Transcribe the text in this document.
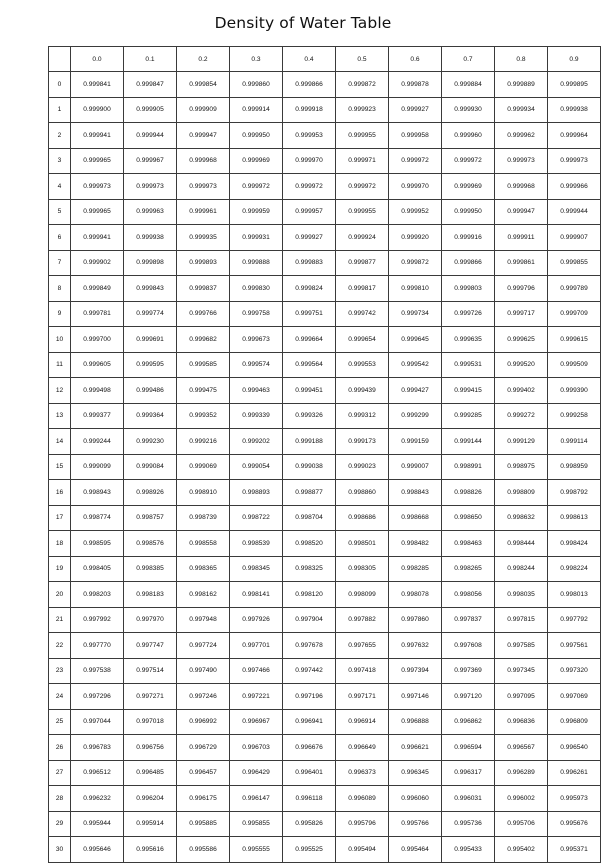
Density of Water Table
	0.0	0.1	0.2	0.3	0.4	0.5	0.6	0.7	0.8	0.9
0	0.999841	0.999847	0.999854	0.999860	0.999866	0.999872	0.999878	0.999884	0.999889	0.999895
1	0.999900	0.999905	0.999909	0.999914	0.999918	0.999923	0.999927	0.999930	0.999934	0.999938
2	0.999941	0.999944	0.999947	0.999950	0.999953	0.999955	0.999958	0.999960	0.999962	0.999964
3	0.999965	0.999967	0.999968	0.999969	0.999970	0.999971	0.999972	0.999972	0.999973	0.999973
4	0.999973	0.999973	0.999973	0.999972	0.999972	0.999972	0.999970	0.999969	0.999968	0.999966
5	0.999965	0.999963	0.999961	0.999959	0.999957	0.999955	0.999952	0.999950	0.999947	0.999944
6	0.999941	0.999938	0.999935	0.999931	0.999927	0.999924	0.999920	0.999916	0.999911	0.999907
7	0.999902	0.999898	0.999893	0.999888	0.999883	0.999877	0.999872	0.999866	0.999861	0.999855
8	0.999849	0.999843	0.999837	0.999830	0.999824	0.999817	0.999810	0.999803	0.999796	0.999789
9	0.999781	0.999774	0.999766	0.999758	0.999751	0.999742	0.999734	0.999726	0.999717	0.999709
10	0.999700	0.999691	0.999682	0.999673	0.999664	0.999654	0.999645	0.999635	0.999625	0.999615
11	0.999605	0.999595	0.999585	0.999574	0.999564	0.999553	0.999542	0.999531	0.999520	0.999509
12	0.999498	0.999486	0.999475	0.999463	0.999451	0.999439	0.999427	0.999415	0.999402	0.999390
13	0.999377	0.999364	0.999352	0.999339	0.999326	0.999312	0.999299	0.999285	0.999272	0.999258
14	0.999244	0.999230	0.999216	0.999202	0.999188	0.999173	0.999159	0.999144	0.999129	0.999114
15	0.999099	0.999084	0.999069	0.999054	0.999038	0.999023	0.999007	0.998991	0.998975	0.998959
16	0.998943	0.998926	0.998910	0.998893	0.998877	0.998860	0.998843	0.998826	0.998809	0.998792
17	0.998774	0.998757	0.998739	0.998722	0.998704	0.998686	0.998668	0.998650	0.998632	0.998613
18	0.998595	0.998576	0.998558	0.998539	0.998520	0.998501	0.998482	0.998463	0.998444	0.998424
19	0.998405	0.998385	0.998365	0.998345	0.998325	0.998305	0.998285	0.998265	0.998244	0.998224
20	0.998203	0.998183	0.998162	0.998141	0.998120	0.998099	0.998078	0.998056	0.998035	0.998013
21	0.997992	0.997970	0.997948	0.997926	0.997904	0.997882	0.997860	0.997837	0.997815	0.997792
22	0.997770	0.997747	0.997724	0.997701	0.997678	0.997655	0.997632	0.997608	0.997585	0.997561
23	0.997538	0.997514	0.997490	0.997466	0.997442	0.997418	0.997394	0.997369	0.997345	0.997320
24	0.997296	0.997271	0.997246	0.997221	0.997196	0.997171	0.997146	0.997120	0.997095	0.997069
25	0.997044	0.997018	0.996992	0.996967	0.996941	0.996914	0.996888	0.996862	0.996836	0.996809
26	0.996783	0.996756	0.996729	0.996703	0.996676	0.996649	0.996621	0.996594	0.996567	0.996540
27	0.996512	0.996485	0.996457	0.996429	0.996401	0.996373	0.996345	0.996317	0.996289	0.996261
28	0.996232	0.996204	0.996175	0.996147	0.996118	0.996089	0.996060	0.996031	0.996002	0.995973
29	0.995944	0.995914	0.995885	0.995855	0.995826	0.995796	0.995766	0.995736	0.995706	0.995676
30	0.995646	0.995616	0.995586	0.995555	0.995525	0.995494	0.995464	0.995433	0.995402	0.995371
